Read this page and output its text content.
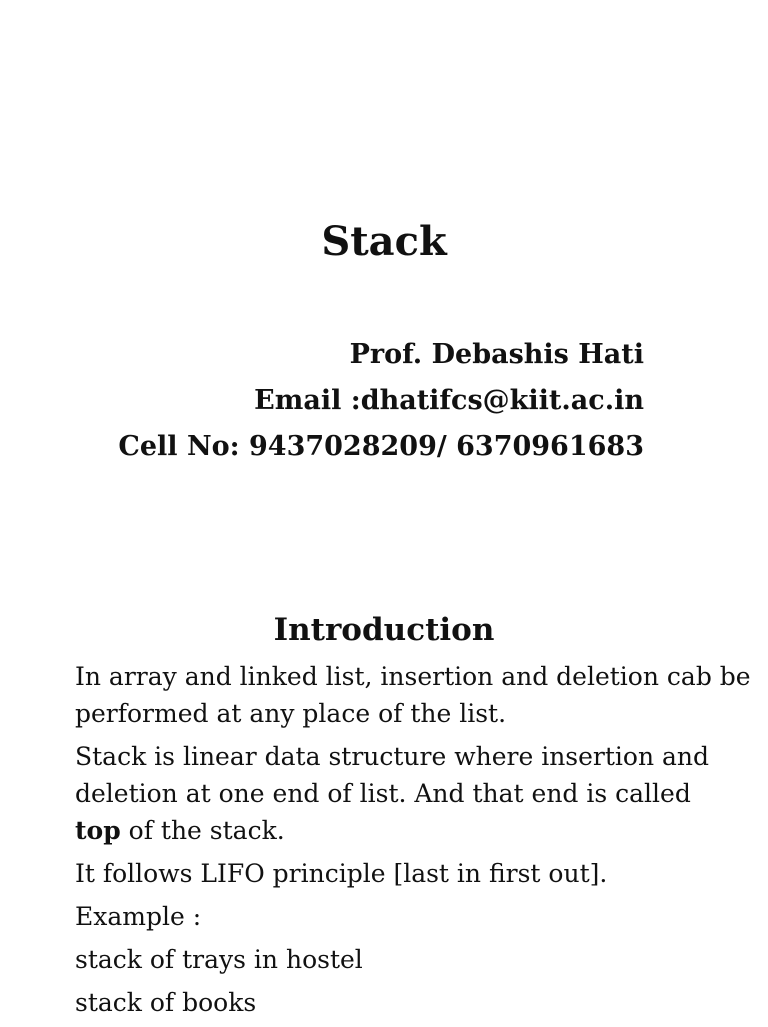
Stack
Prof. Debashis Hati
Email :dhatifcs@kiit.ac.in
Cell No: 9437028209/ 6370961683
Introduction

In array and linked list, insertion and deletion cab be performed at any place of the list.

Stack is linear data structure where insertion and deletion at one end of list. And that end is called
top of the stack.

It follows LIFO principle [last in first out].

Example :

stack of trays in hostel

stack of books
